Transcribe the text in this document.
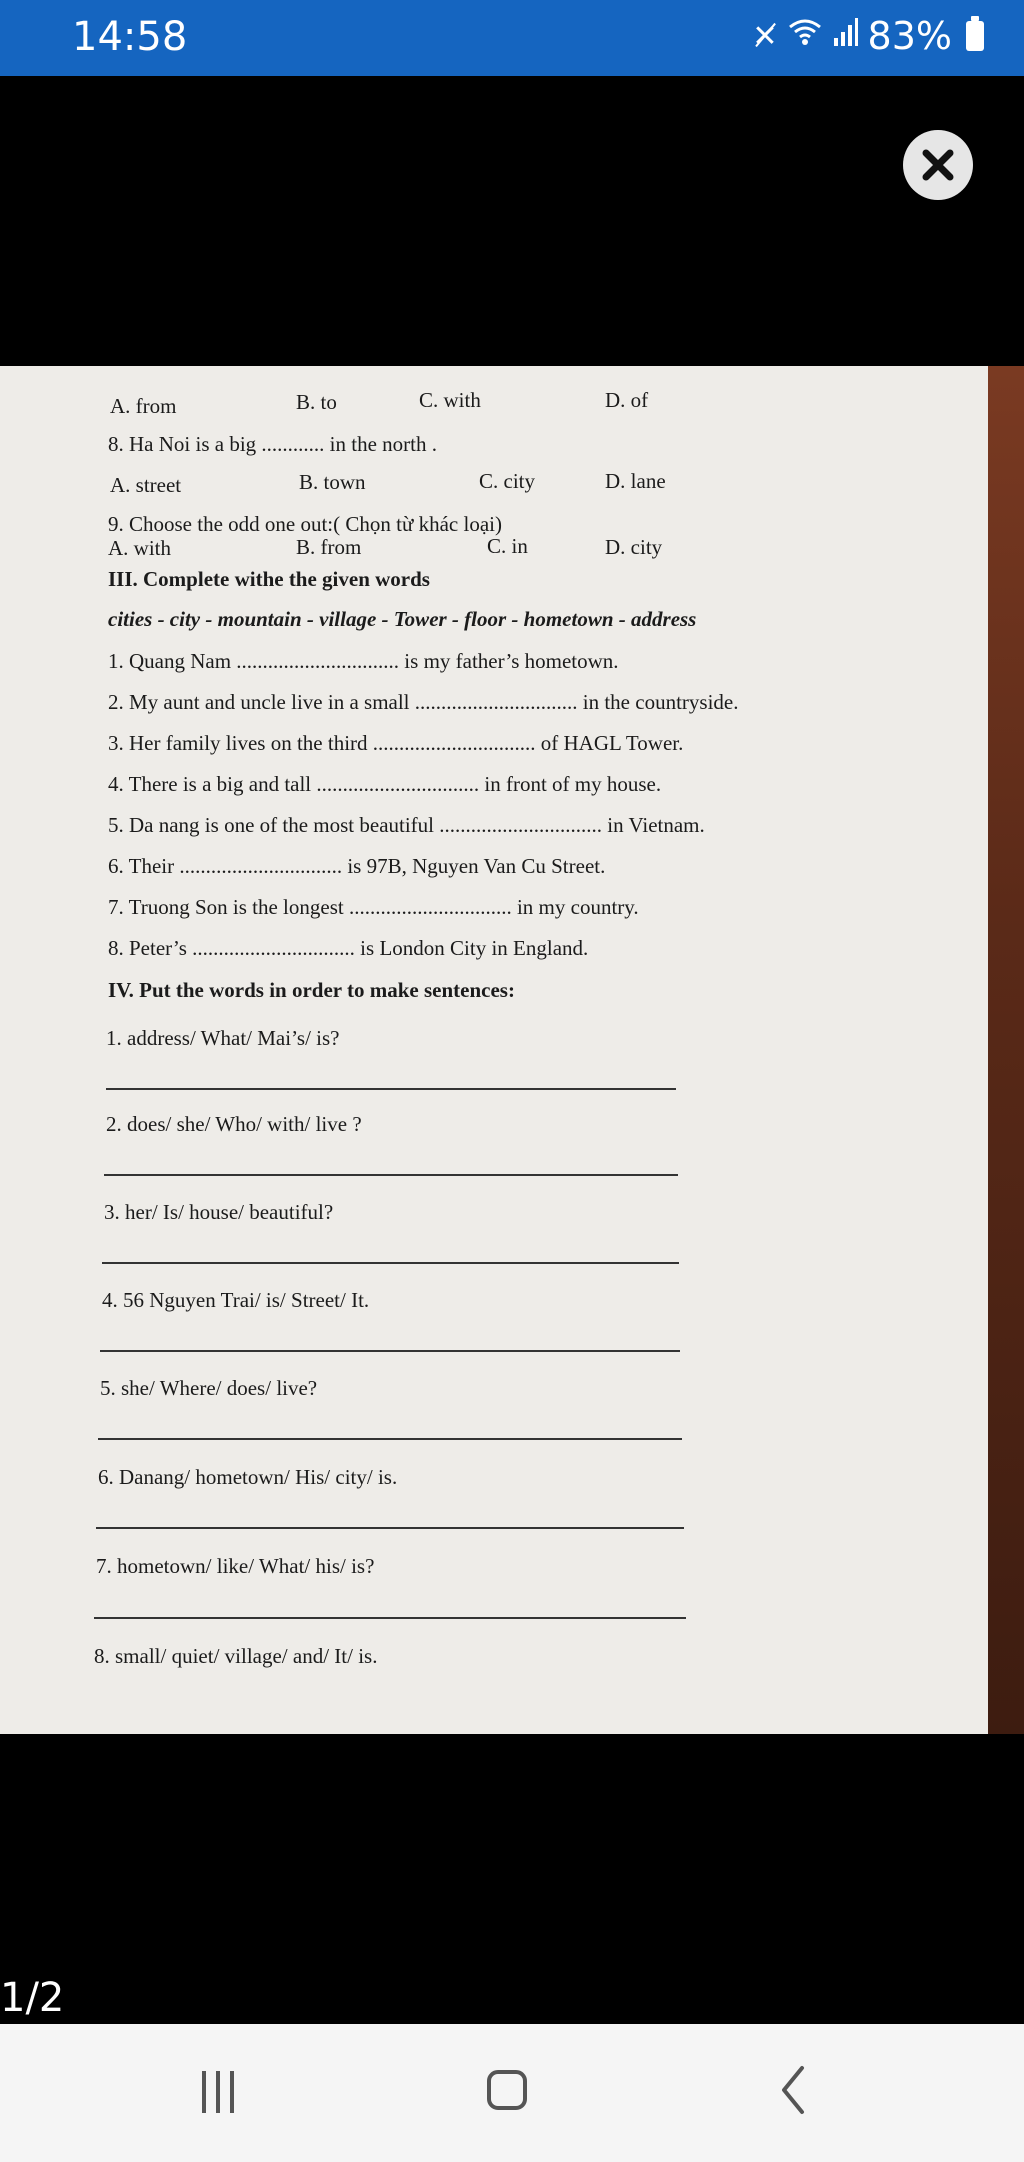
14:58	✕̸ 83%
A. from	B. to	C. with	D. of
8. Ha Noi is a big ............ in the north .
A. street	B. town	C. city	D. lane
9. Choose the odd one out:( Chọn từ khác loại)
A. with	B. from	C. in	D. city
III. Complete withe the given words
cities - city - mountain - village - Tower - floor - hometown - address
1. Quang Nam ............................... is my father’s hometown.
2. My aunt and uncle live in a small ............................... in the countryside.
3. Her family lives on the third ............................... of HAGL Tower.
4. There is a big and tall ............................... in front of my house.
5. Da nang is one of the most beautiful ............................... in Vietnam.
6. Their ............................... is 97B, Nguyen Van Cu Street.
7. Truong Son is the longest ............................... in my country.
8. Peter’s ............................... is London City in England.
IV. Put the words in order to make sentences:
1. address/ What/ Mai’s/ is?
2. does/ she/ Who/ with/ live ?
3. her/ Is/ house/ beautiful?
4. 56 Nguyen Trai/ is/ Street/ It.
5. she/ Where/ does/ live?
6. Danang/ hometown/ His/ city/ is.
7. hometown/ like/ What/ his/ is?
8. small/ quiet/ village/ and/ It/ is.
1/2
